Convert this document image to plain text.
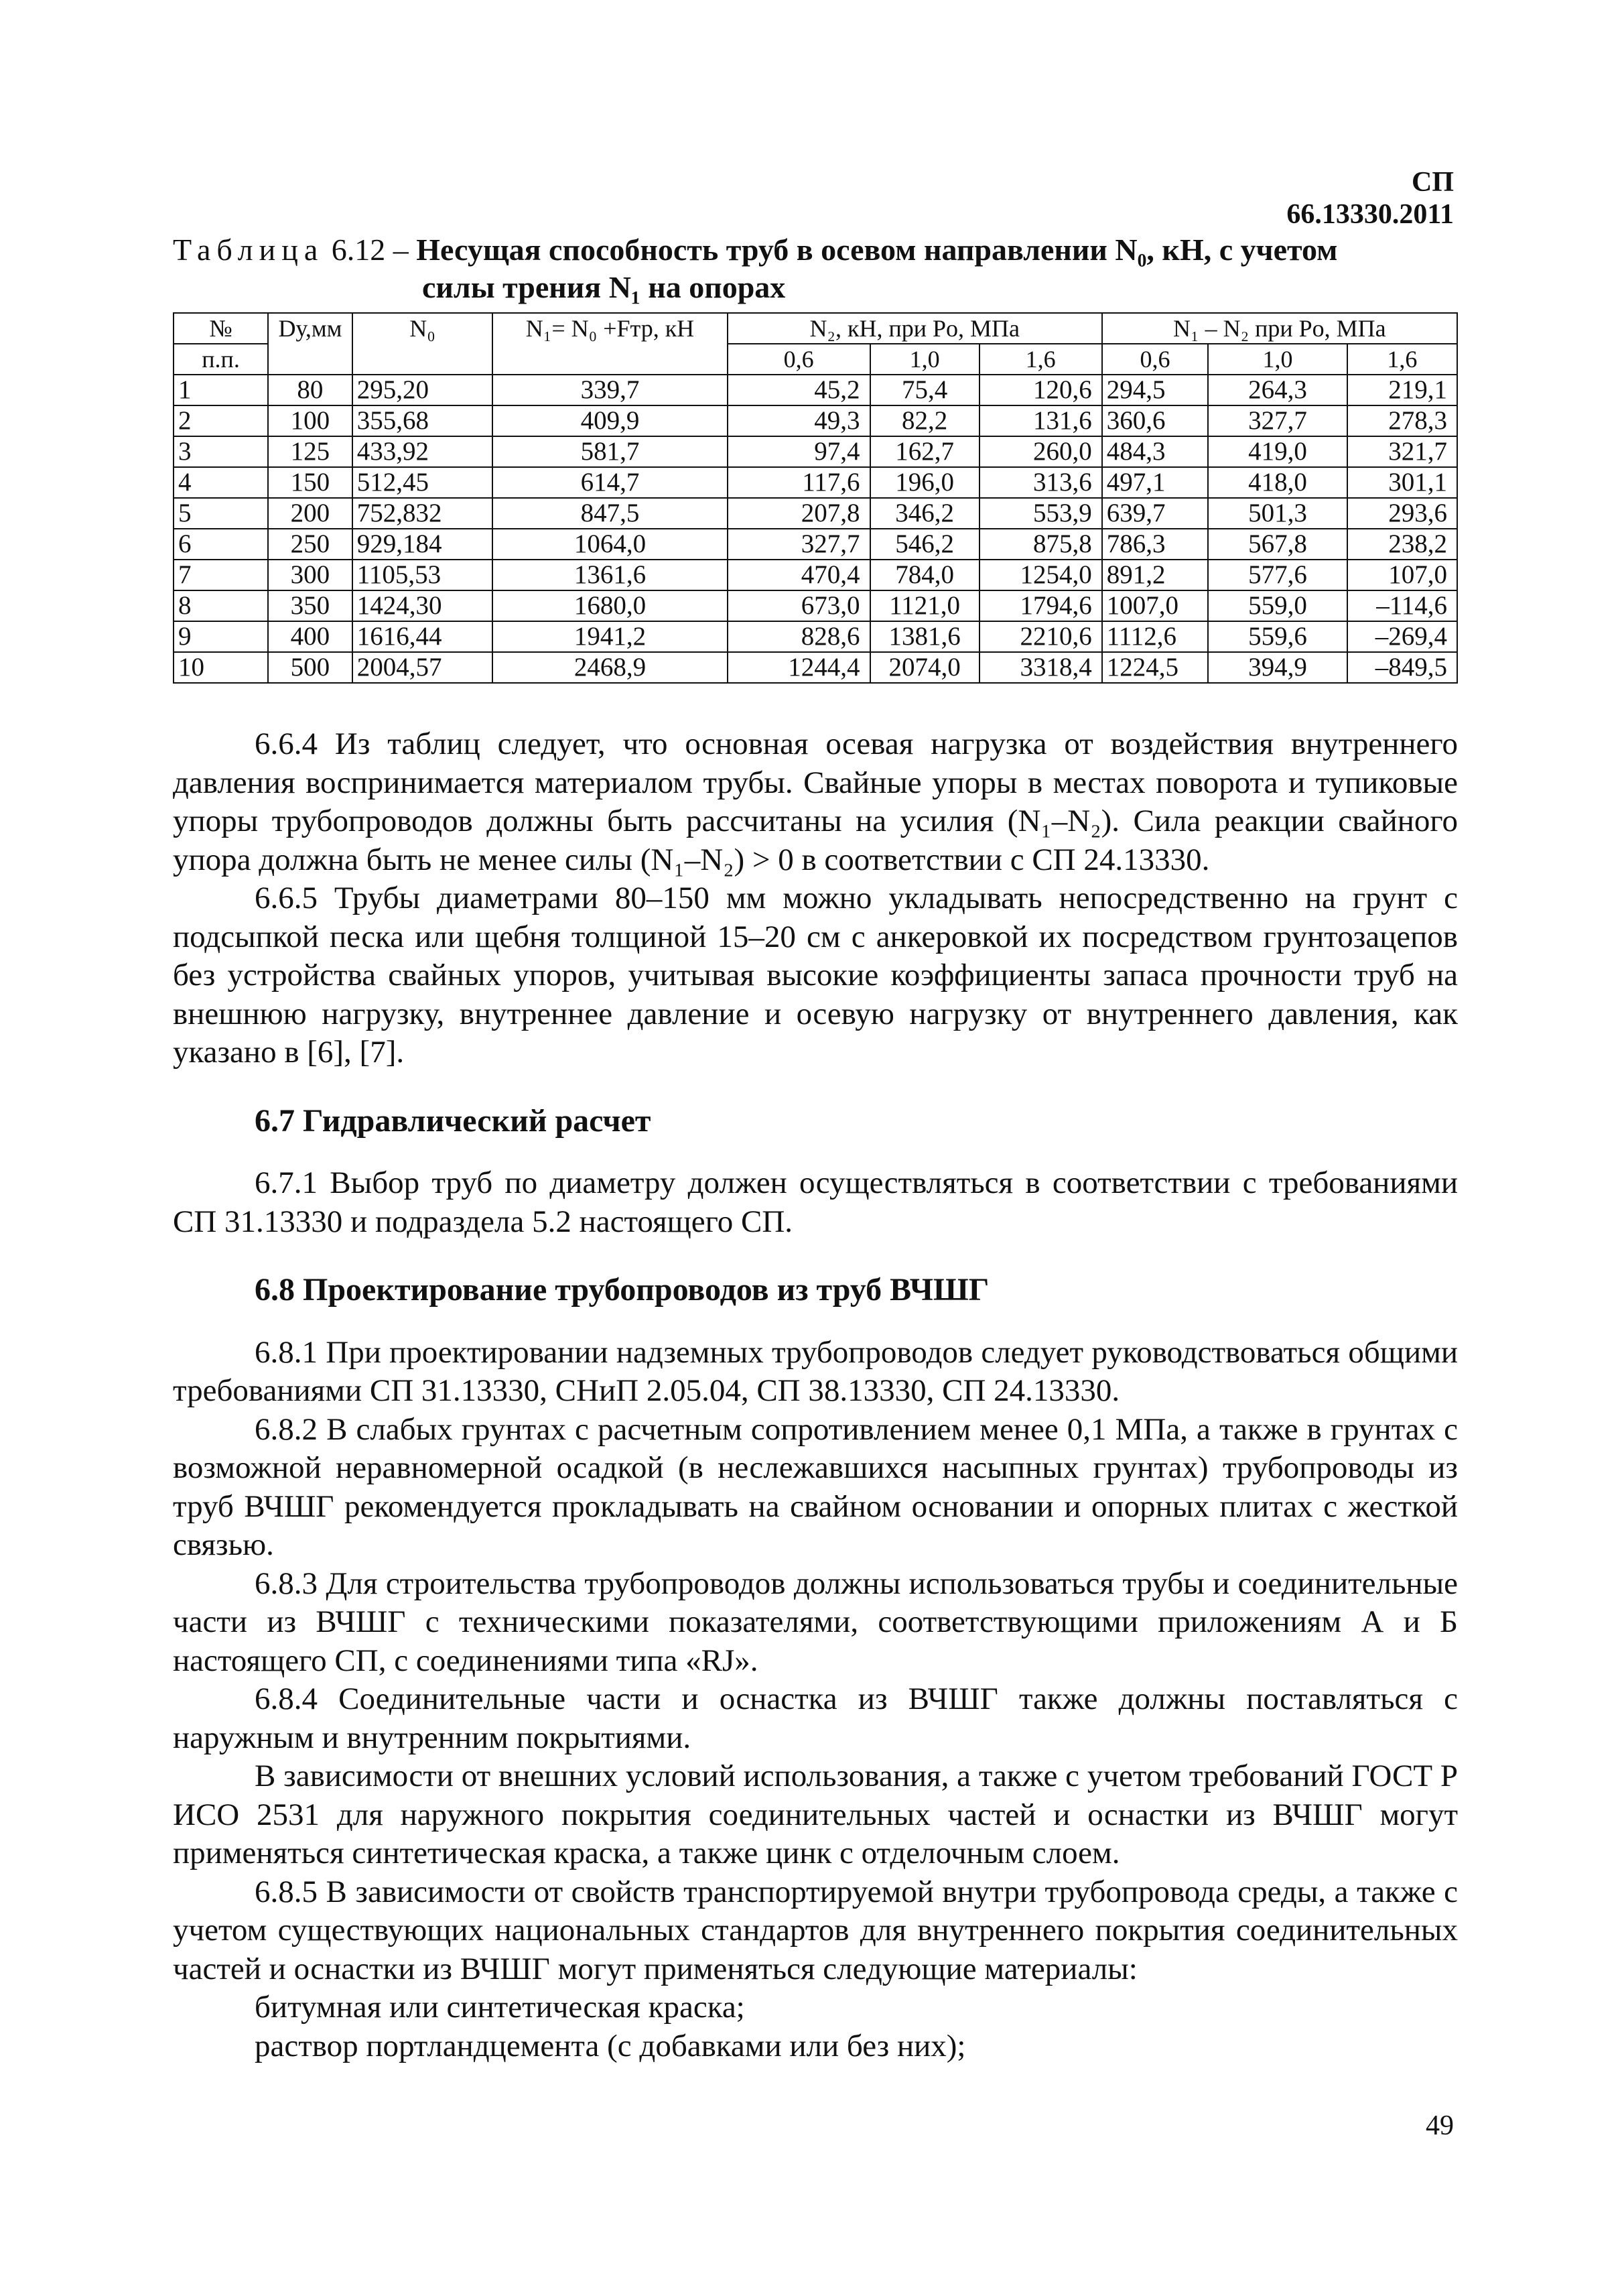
СП 66.13330.2011
Таблица 6.12 – Несущая способность труб в осевом направлении N₀, кН, с учетом
силы трения N₁ на опорах
№	Dу,мм	N₀	N₁= N₀ +Fтр, кН	N₂, кН, при Pо, МПа			N₁ – N₂ при Pо, МПа		
п.п.				0,6	1,0	1,6	0,6	1,0	1,6
1	80	295,20	339,7	45,2	75,4	120,6	294,5	264,3	219,1
2	100	355,68	409,9	49,3	82,2	131,6	360,6	327,7	278,3
3	125	433,92	581,7	97,4	162,7	260,0	484,3	419,0	321,7
4	150	512,45	614,7	117,6	196,0	313,6	497,1	418,0	301,1
5	200	752,832	847,5	207,8	346,2	553,9	639,7	501,3	293,6
6	250	929,184	1064,0	327,7	546,2	875,8	786,3	567,8	238,2
7	300	1105,53	1361,6	470,4	784,0	1254,0	891,2	577,6	107,0
8	350	1424,30	1680,0	673,0	1121,0	1794,6	1007,0	559,0	–114,6
9	400	1616,44	1941,2	828,6	1381,6	2210,6	1112,6	559,6	–269,4
10	500	2004,57	2468,9	1244,4	2074,0	3318,4	1224,5	394,9	–849,5

6.6.4 Из таблиц следует, что основная осевая нагрузка от воздействия внутреннего давления воспринимается материалом трубы. Свайные упоры в местах поворота и тупиковые упоры трубопроводов должны быть рассчитаны на усилия (N₁–N₂). Сила реакции свайного упора должна быть не менее силы (N₁–N₂) > 0 в соответствии с СП 24.13330.

6.6.5 Трубы диаметрами 80–150 мм можно укладывать непосредственно на грунт с подсыпкой песка или щебня толщиной 15–20 см с анкеровкой их посредством грунтозацепов без устройства свайных упоров, учитывая высокие коэффициенты запаса прочности труб на внешнюю нагрузку, внутреннее давление и осевую нагрузку от внутреннего давления, как указано в [6], [7].

6.7 Гидравлический расчет

6.7.1 Выбор труб по диаметру должен осуществляться в соответствии с требованиями СП 31.13330 и подраздела 5.2 настоящего СП.

6.8 Проектирование трубопроводов из труб ВЧШГ

6.8.1 При проектировании надземных трубопроводов следует руководствоваться общими требованиями СП 31.13330, СНиП 2.05.04, СП 38.13330, СП 24.13330.

6.8.2 В слабых грунтах с расчетным сопротивлением менее 0,1 МПа, а также в грунтах с возможной неравномерной осадкой (в неслежавшихся насыпных грунтах) трубопроводы из труб ВЧШГ рекомендуется прокладывать на свайном основании и опорных плитах с жесткой связью.

6.8.3 Для строительства трубопроводов должны использоваться трубы и соединительные части из ВЧШГ с техническими показателями, соответствующими приложениям А и Б настоящего СП, с соединениями типа «RJ».

6.8.4 Соединительные части и оснастка из ВЧШГ также должны поставляться с наружным и внутренним покрытиями.

В зависимости от внешних условий использования, а также с учетом требований ГОСТ Р ИСО 2531 для наружного покрытия соединительных частей и оснастки из ВЧШГ могут применяться синтетическая краска, а также цинк с отделочным слоем.

6.8.5 В зависимости от свойств транспортируемой внутри трубопровода среды, а также с учетом существующих национальных стандартов для внутреннего покрытия соединительных частей и оснастки из ВЧШГ могут применяться следующие материалы:

битумная или синтетическая краска;

раствор портландцемента (с добавками или без них);

49
